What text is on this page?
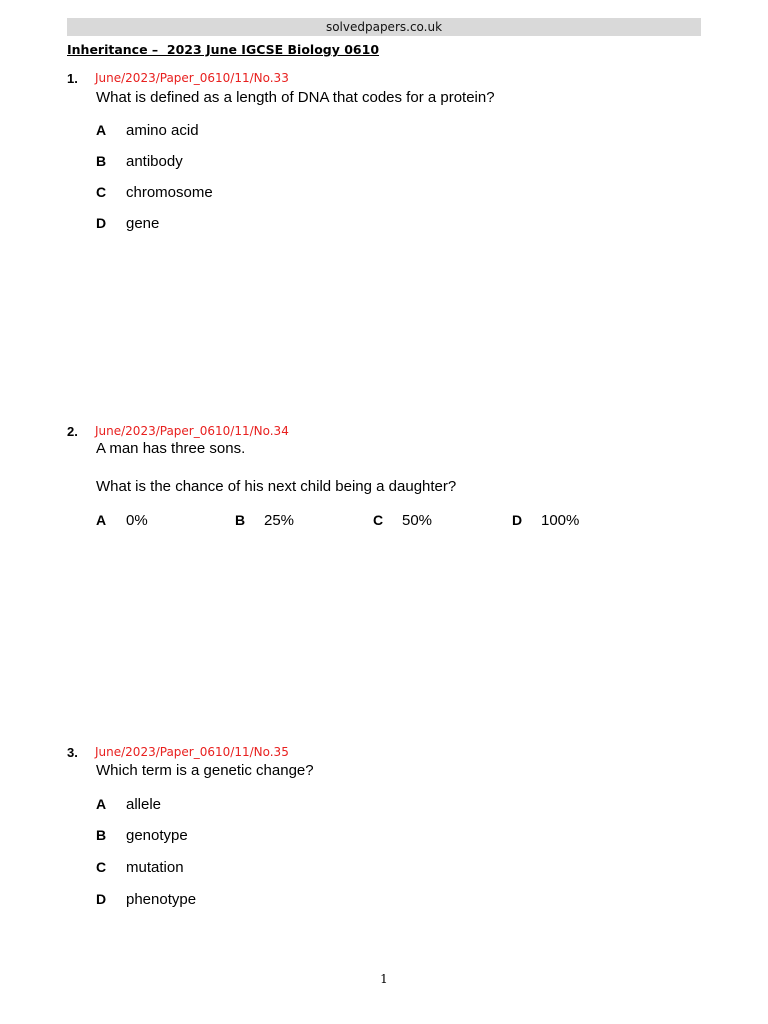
solvedpapers.co.uk
Inheritance –  2023 June IGCSE Biology 0610
1. June/2023/Paper_0610/11/No.33
What is defined as a length of DNA that codes for a protein?
A amino acid
B antibody
C chromosome
D gene
2. June/2023/Paper_0610/11/No.34
A man has three sons.
What is the chance of his next child being a daughter?
A 0%	B 25%	C 50%	D 100%
3. June/2023/Paper_0610/11/No.35
Which term is a genetic change?
A allele
B genotype
C mutation
D phenotype
1
